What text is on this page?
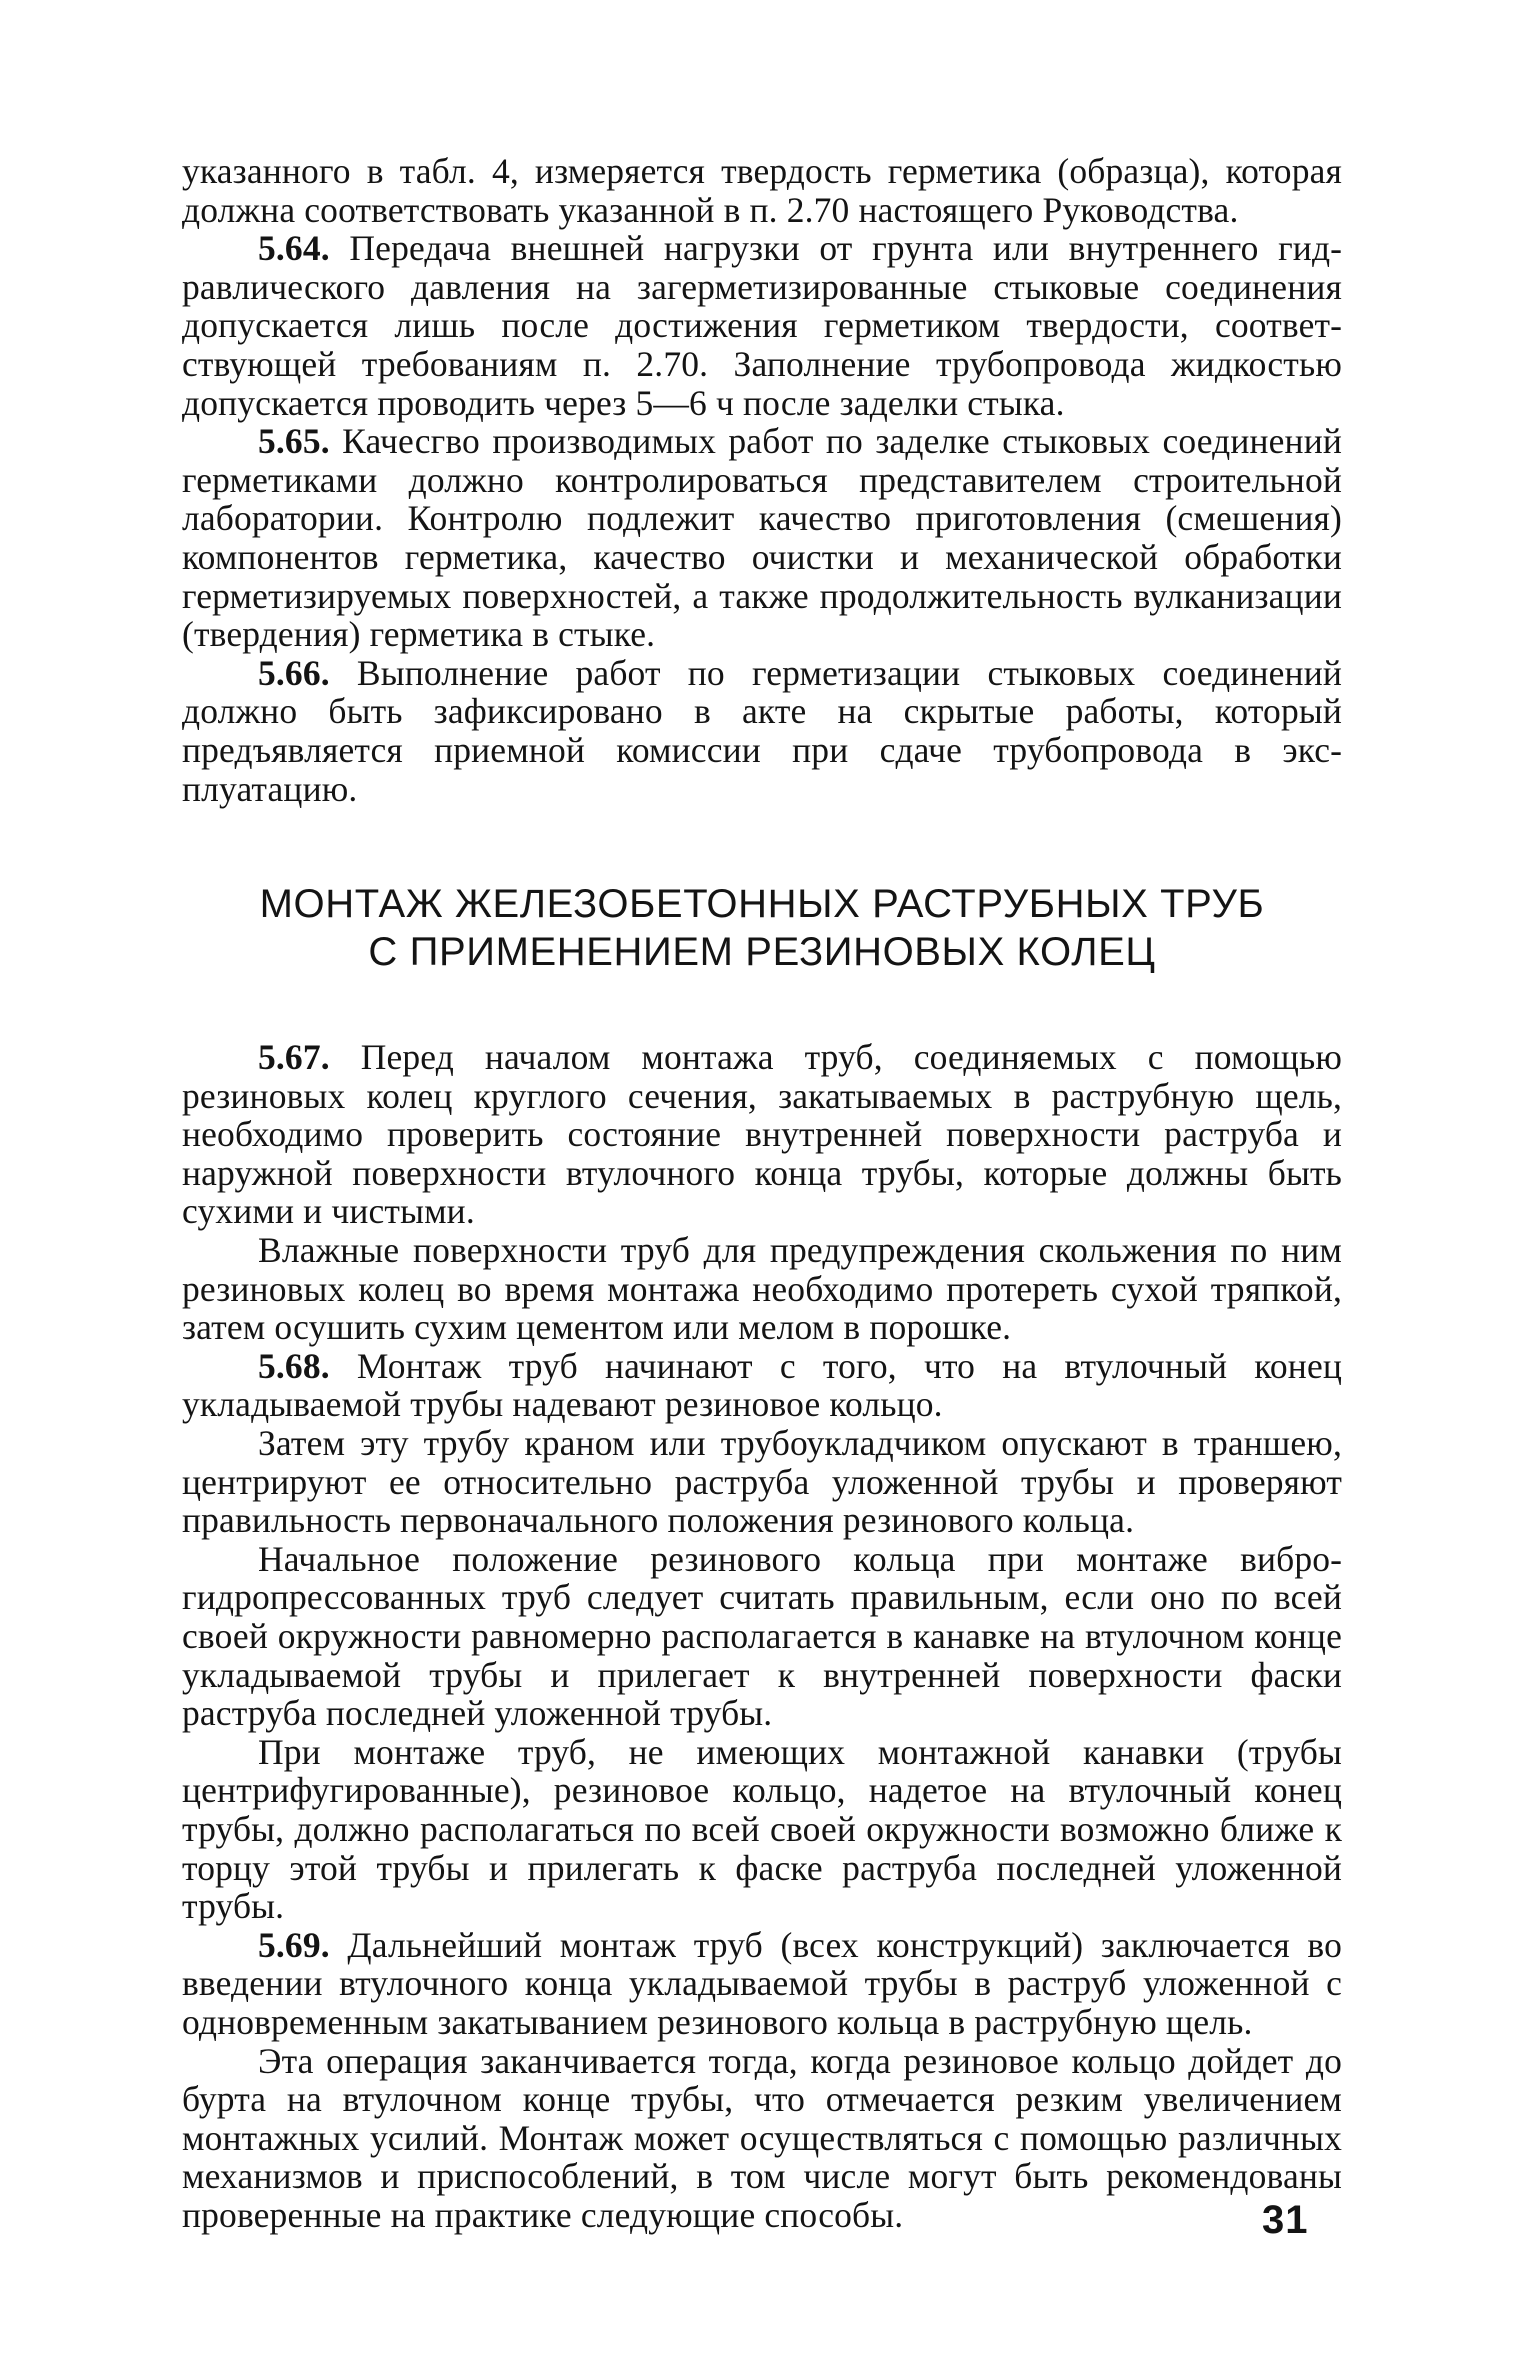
указанного в табл. 4, измеряется твердость герметика (образца), которая должна соответствовать указанной в п. 2.70 настоящего Руководства.

5.64. Передача внешней нагрузки от грунта или внутреннего гидравлического давления на загерметизированные стыковые соединения допускается лишь после достижения герметиком твердости, соответствующей требованиям п. 2.70. Заполнение трубопровода жидкостью допускается проводить через 5—6 ч после заделки стыка.

5.65. Качесгво производимых работ по заделке стыковых соединений герметиками должно контролироваться представителем строительной лаборатории. Контролю подлежит качество приготовления (смешения) компонентов герметика, качество очистки и механической обработки герметизируемых поверхностей, а также продолжительность вулканизации (твердения) герметика в стыке.

5.66. Выполнение работ по герметизации стыковых соединений должно быть зафиксировано в акте на скрытые работы, который предъявляется приемной комиссии при сдаче трубопровода в эксплуатацию.

МОНТАЖ ЖЕЛЕЗОБЕТОННЫХ РАСТРУБНЫХ ТРУБ
С ПРИМЕНЕНИЕМ РЕЗИНОВЫХ КОЛЕЦ

5.67. Перед началом монтажа труб, соединяемых с помощью резиновых колец круглого сечения, закатываемых в раструбную щель, необходимо проверить состояние внутренней поверхности раструба и наружной поверхности втулочного конца трубы, которые должны быть сухими и чистыми.

Влажные поверхности труб для предупреждения скольжения по ним резиновых колец во время монтажа необходимо протереть сухой тряпкой, затем осушить сухим цементом или мелом в порошке.

5.68. Монтаж труб начинают с того, что на втулочный конец укладываемой трубы надевают резиновое кольцо.

Затем эту трубу краном или трубоукладчиком опускают в траншею, центрируют ее относительно раструба уложенной трубы и проверяют правильность первоначального положения резинового кольца.

Начальное положение резинового кольца при монтаже виброгидропрессованных труб следует считать правильным, если оно по всей своей окружности равномерно располагается в канавке на втулочном конце укладываемой трубы и прилегает к внутренней поверхности фаски раструба последней уложенной трубы.

При монтаже труб, не имеющих монтажной канавки (трубы центрифугированные), резиновое кольцо, надетое на втулочный конец трубы, должно располагаться по всей своей окружности возможно ближе к торцу этой трубы и прилегать к фаске раструба последней уложенной трубы.

5.69. Дальнейший монтаж труб (всех конструкций) заключается во введении втулочного конца укладываемой трубы в раструб уложенной с одновременным закатыванием резинового кольца в раструбную щель.

Эта операция заканчивается тогда, когда резиновое кольцо дойдет до бурта на втулочном конце трубы, что отмечается резким увеличением монтажных усилий. Монтаж может осуществляться с помощью различных механизмов и приспособлений, в том числе могут быть рекомендованы проверенные на практике следующие способы.	31
